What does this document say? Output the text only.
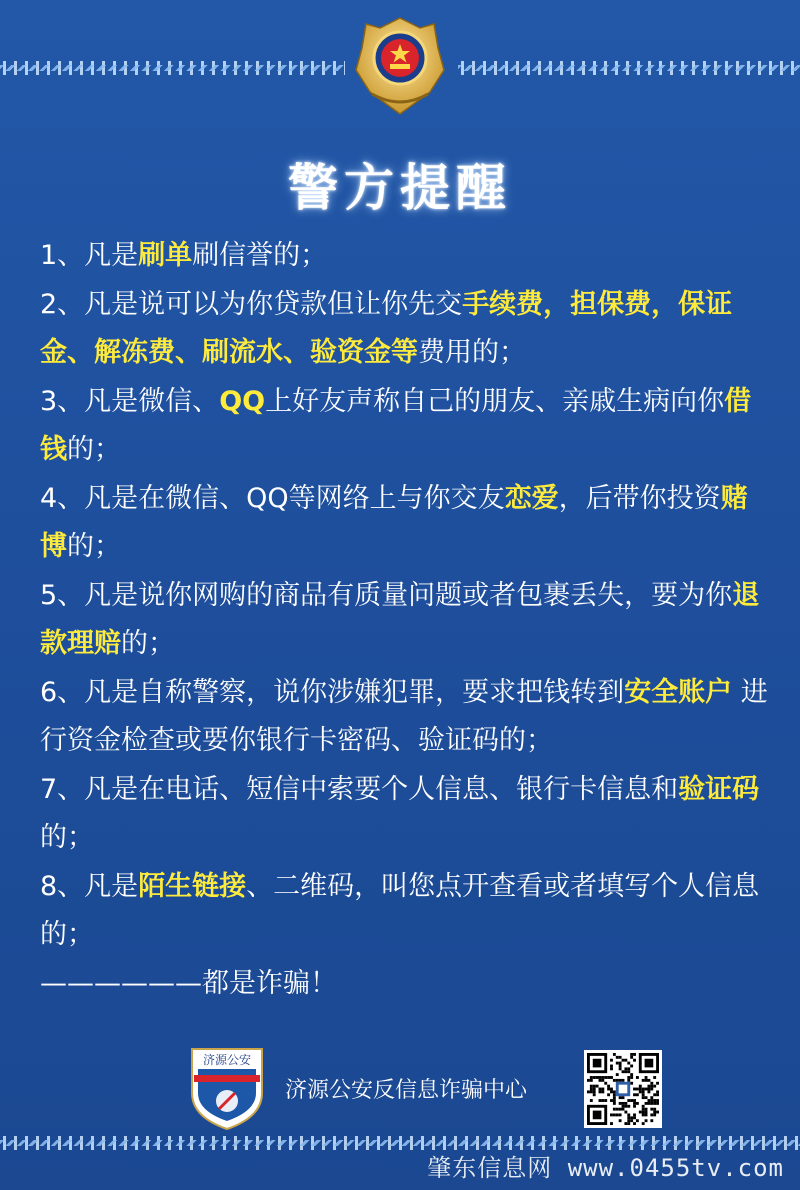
警方提醒

1、凡是刷单刷信誉的；

2、凡是说可以为你贷款但让你先交手续费，担保费，保证金、解冻费、刷流水、验资金等费用的；

3、凡是微信、QQ上好友声称自己的朋友、亲戚生病向你借钱的；

4、凡是在微信、QQ等网络上与你交友恋爱，后带你投资赌博的；

5、凡是说你网购的商品有质量问题或者包裹丢失，要为你退款理赔的；

6、凡是自称警察，说你涉嫌犯罪，要求把钱转到安全账户 进行资金检查或要你银行卡密码、验证码的；

7、凡是在电话、短信中索要个人信息、银行卡信息和验证码的；

8、凡是陌生链接、二维码，叫您点开查看或者填写个人信息的；

——————都是诈骗！

济源公安
济源公安反信息诈骗中心
肇东信息网 www.0455tv.com
